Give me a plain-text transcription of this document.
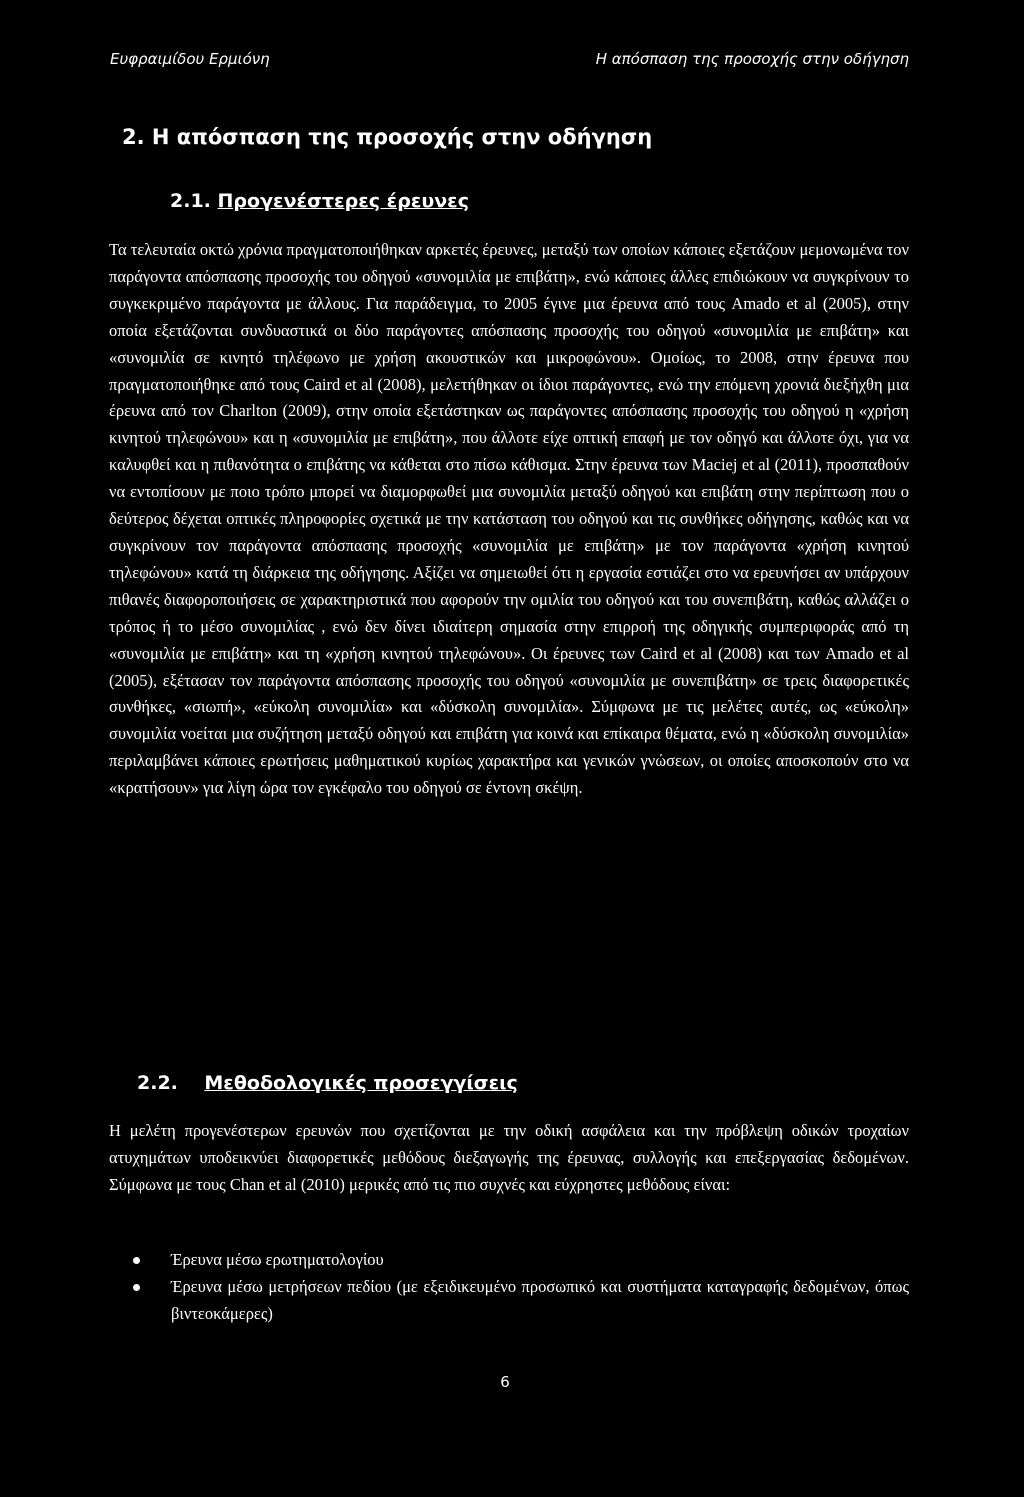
Ευφραιμίδου Ερμιόνη	Η απόσπαση της προσοχής στην οδήγηση
2. Η απόσπαση της προσοχής στην οδήγηση
2.1. Προγενέστερες έρευνες

Τα τελευταία οκτώ χρόνια πραγματοποιήθηκαν αρκετές έρευνες, μεταξύ των οποίων κάποιες εξετάζουν μεμονωμένα τον παράγοντα απόσπασης προσοχής του οδηγού «συνομιλία με επιβάτη», ενώ κάποιες άλλες επιδιώκουν να συγκρίνουν το συγκεκριμένο παράγοντα με άλλους. Για παράδειγμα, το 2005 έγινε μια έρευνα από τους Amado et al (2005), στην οποία εξετάζονται συνδυαστικά οι δύο παράγοντες απόσπασης προσοχής του οδηγού «συνομιλία με επιβάτη» και «συνομιλία σε κινητό τηλέφωνο με χρήση ακουστικών και μικροφώνου». Ομοίως, το 2008, στην έρευνα που πραγματοποιήθηκε από τους Caird et al (2008), μελετήθηκαν οι ίδιοι παράγοντες, ενώ την επόμενη χρονιά διεξήχθη μια έρευνα από τον Charlton (2009), στην οποία εξετάστηκαν ως παράγοντες απόσπασης προσοχής του οδηγού η «χρήση κινητού τηλεφώνου» και η «συνομιλία με επιβάτη», που άλλοτε είχε οπτική επαφή με τον οδηγό και άλλοτε όχι, για να καλυφθεί και η πιθανότητα ο επιβάτης να κάθεται στο πίσω κάθισμα. Στην έρευνα των Maciej et al (2011), προσπαθούν να εντοπίσουν με ποιο τρόπο μπορεί να διαμορφωθεί μια συνομιλία μεταξύ οδηγού και επιβάτη στην περίπτωση που ο δεύτερος δέχεται οπτικές πληροφορίες σχετικά με την κατάσταση του οδηγού και τις συνθήκες οδήγησης, καθώς και να συγκρίνουν τον παράγοντα απόσπασης προσοχής «συνομιλία με επιβάτη» με τον παράγοντα «χρήση κινητού τηλεφώνου» κατά τη διάρκεια της οδήγησης. Αξίζει να σημειωθεί ότι η εργασία εστιάζει στο να ερευνήσει αν υπάρχουν πιθανές διαφοροποιήσεις σε χαρακτηριστικά που αφορούν την ομιλία του οδηγού και του συνεπιβάτη, καθώς αλλάζει ο τρόπος ή το μέσο συνομιλίας , ενώ δεν δίνει ιδιαίτερη σημασία στην επιρροή της οδηγικής συμπεριφοράς από τη «συνομιλία με επιβάτη» και τη «χρήση κινητού τηλεφώνου». Οι έρευνες των Caird et al (2008) και των Amado et al (2005), εξέτασαν τον παράγοντα απόσπασης προσοχής του οδηγού «συνομιλία με συνεπιβάτη» σε τρεις διαφορετικές συνθήκες, «σιωπή», «εύκολη συνομιλία» και «δύσκολη συνομιλία». Σύμφωνα με τις μελέτες αυτές, ως «εύκολη» συνομιλία νοείται μια συζήτηση μεταξύ οδηγού και επιβάτη για κοινά και επίκαιρα θέματα, ενώ η «δύσκολη συνομιλία» περιλαμβάνει κάποιες ερωτήσεις μαθηματικού κυρίως χαρακτήρα και γενικών γνώσεων, οι οποίες αποσκοπούν στο να «κρατήσουν» για λίγη ώρα τον εγκέφαλο του οδηγού σε έντονη σκέψη.

2.2. Μεθοδολογικές προσεγγίσεις

Η μελέτη προγενέστερων ερευνών που σχετίζονται με την οδική ασφάλεια και την πρόβλεψη οδικών τροχαίων ατυχημάτων υποδεικνύει διαφορετικές μεθόδους διεξαγωγής της έρευνας, συλλογής και επεξεργασίας δεδομένων. Σύμφωνα με τους Chan et al (2010) μερικές από τις πιο συχνές και εύχρηστες μεθόδους είναι:

Έρευνα μέσω ερωτηματολογίου
Έρευνα μέσω μετρήσεων πεδίου (με εξειδικευμένο προσωπικό και συστήματα καταγραφής δεδομένων, όπως βιντεοκάμερες)
6
